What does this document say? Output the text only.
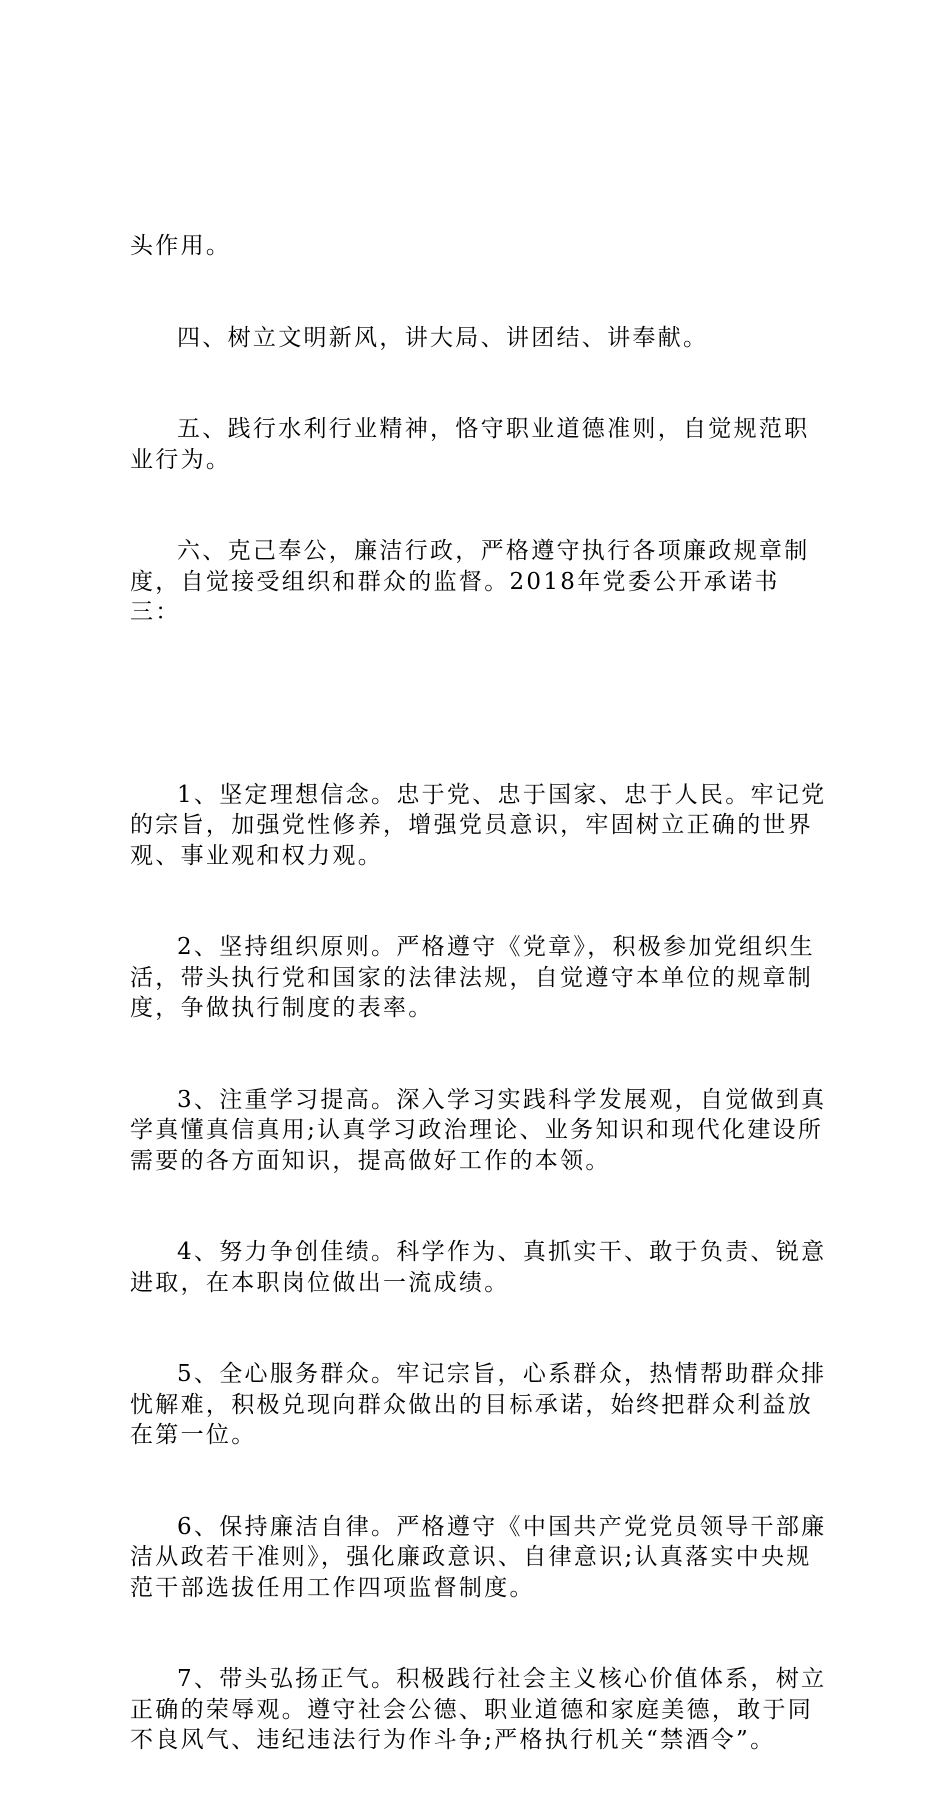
头作用。

四、树立文明新风，讲大局、讲团结、讲奉献。

五、践行水利行业精神，恪守职业道德准则，自觉规范职业行为。

六、克己奉公，廉洁行政，严格遵守执行各项廉政规章制度，自觉接受组织和群众的监督。2018年党委公开承诺书三：

1、坚定理想信念。忠于党、忠于国家、忠于人民。牢记党的宗旨，加强党性修养，增强党员意识，牢固树立正确的世界观、事业观和权力观。

2、坚持组织原则。严格遵守《党章》，积极参加党组织生活，带头执行党和国家的法律法规，自觉遵守本单位的规章制度，争做执行制度的表率。

3、注重学习提高。深入学习实践科学发展观，自觉做到真学真懂真信真用;认真学习政治理论、业务知识和现代化建设所需要的各方面知识，提高做好工作的本领。

4、努力争创佳绩。科学作为、真抓实干、敢于负责、锐意进取，在本职岗位做出一流成绩。

5、全心服务群众。牢记宗旨，心系群众，热情帮助群众排忧解难，积极兑现向群众做出的目标承诺，始终把群众利益放在第一位。

6、保持廉洁自律。严格遵守《中国共产党党员领导干部廉洁从政若干准则》，强化廉政意识、自律意识;认真落实中央规范干部选拔任用工作四项监督制度。

7、带头弘扬正气。积极践行社会主义核心价值体系，树立正确的荣辱观。遵守社会公德、职业道德和家庭美德，敢于同不良风气、违纪违法行为作斗争;严格执行机关“禁酒令”。
